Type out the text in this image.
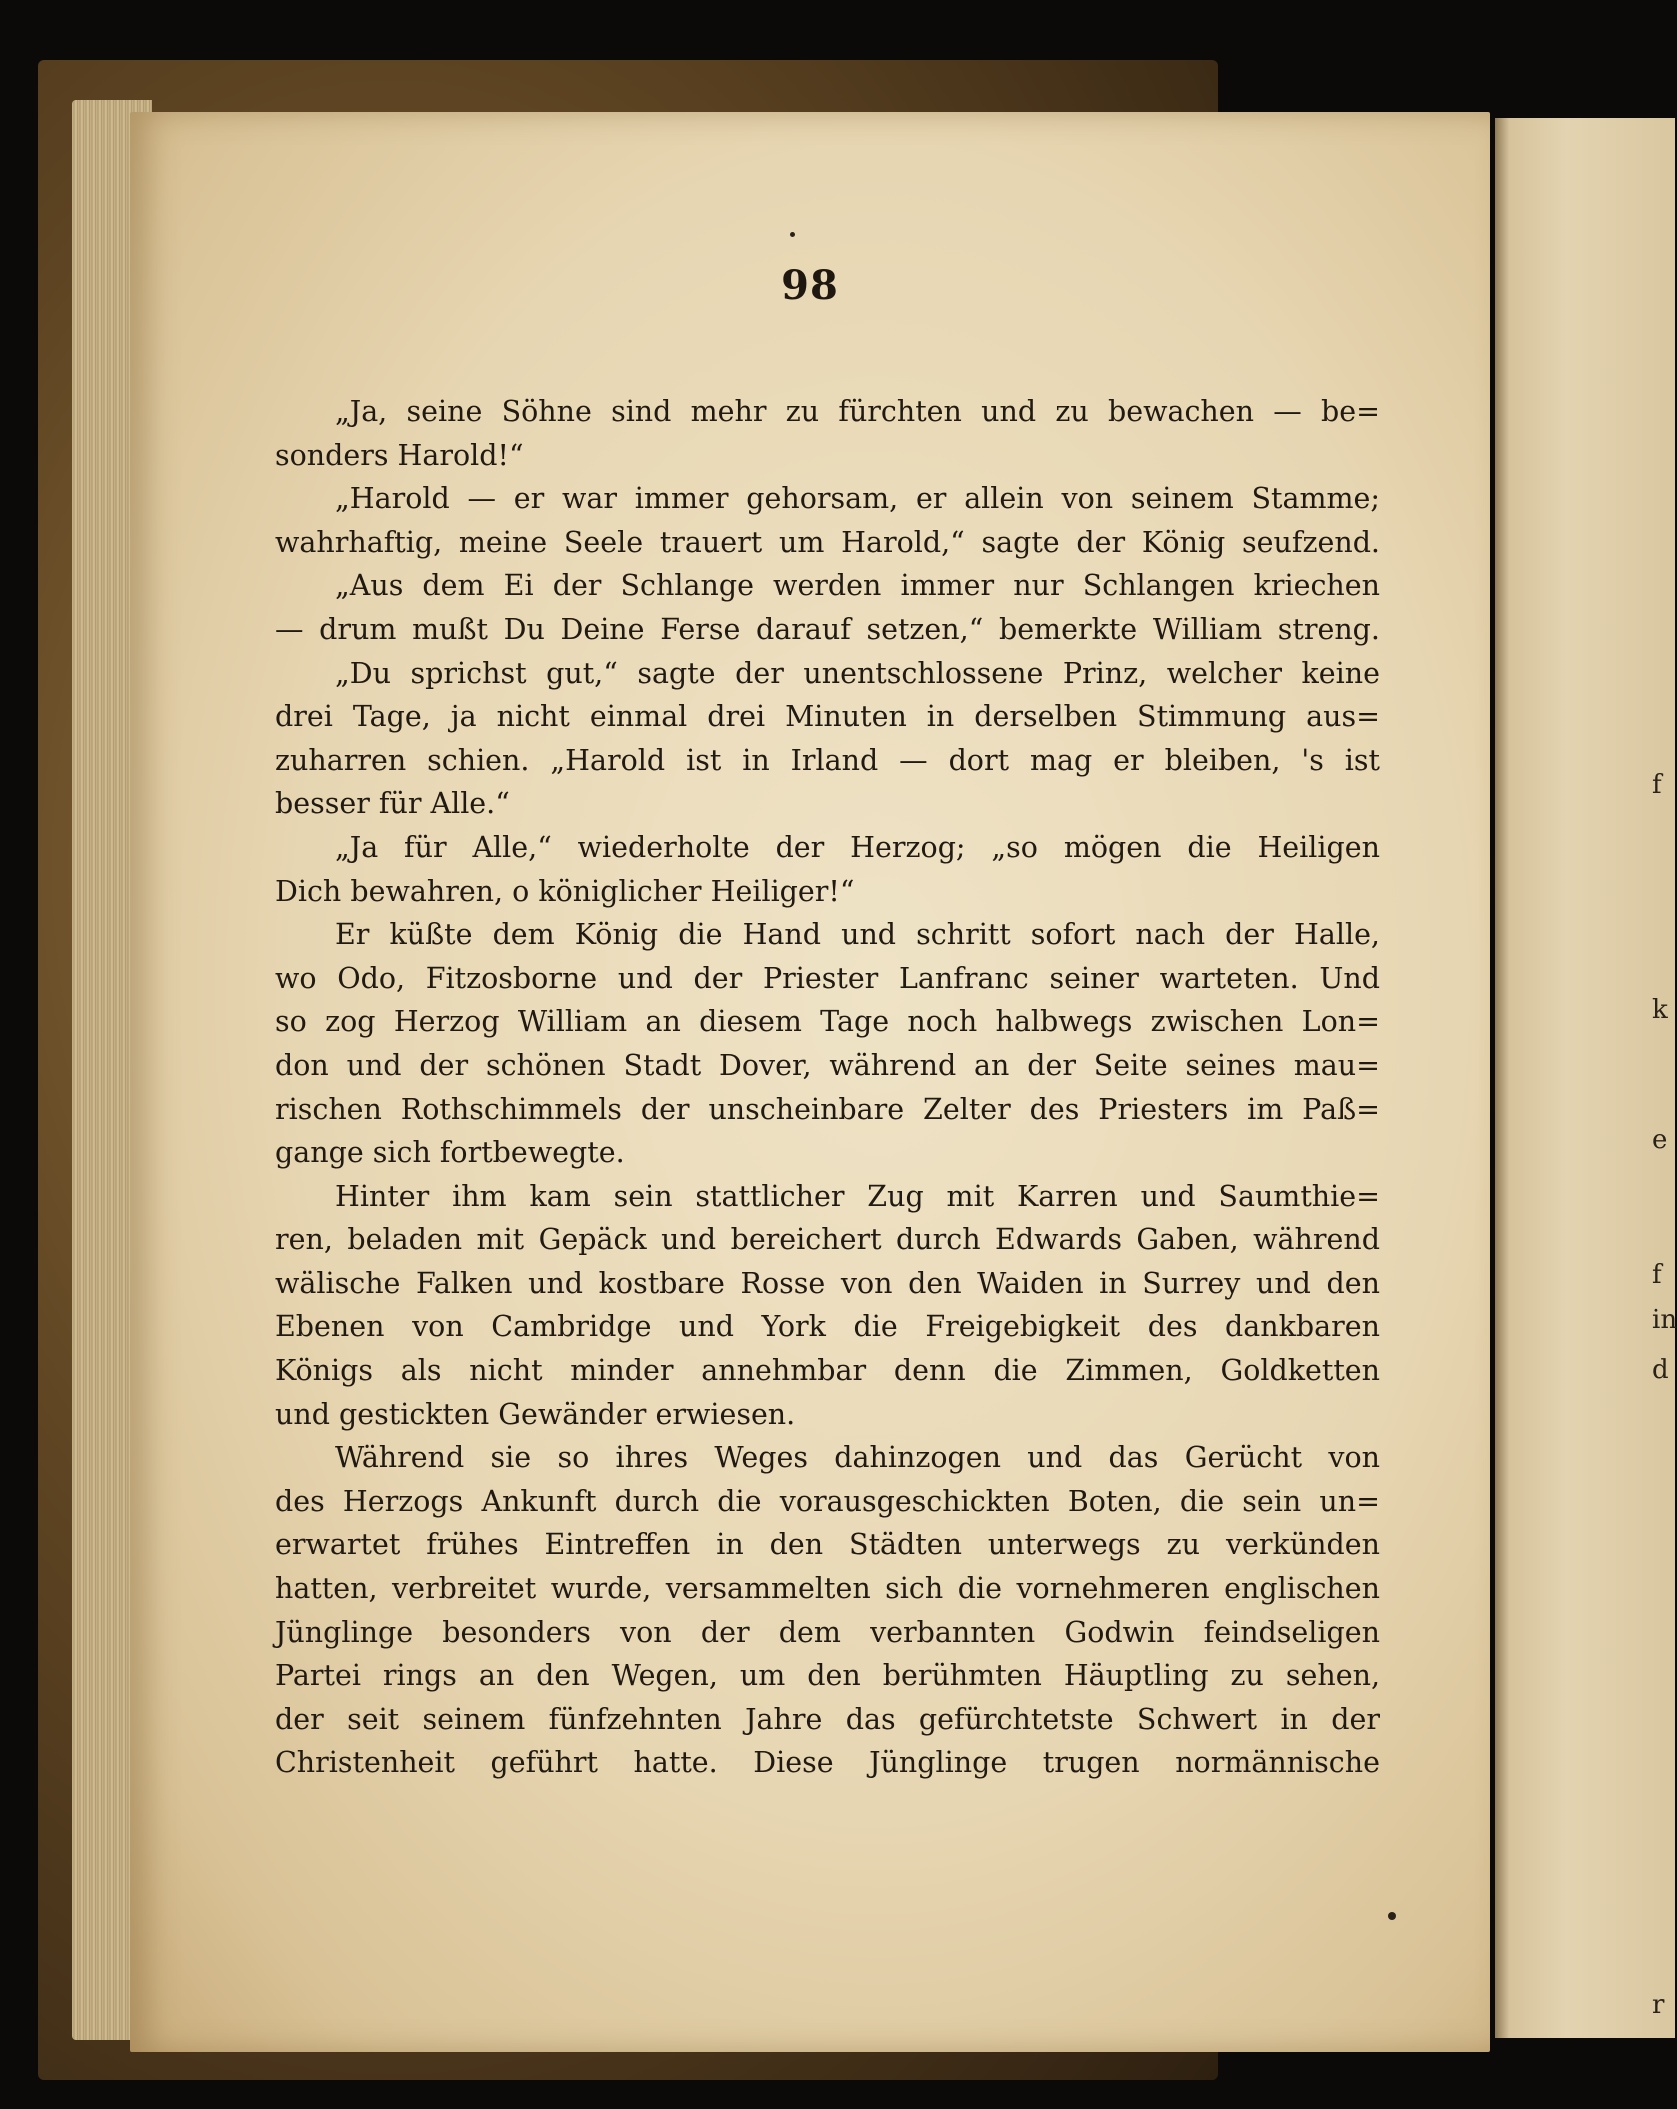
f
k
e
f
in
d
r
98
„Ja, seine Söhne sind mehr zu fürchten und zu bewachen — be=
sonders Harold!“
„Harold — er war immer gehorsam, er allein von seinem Stamme;
wahrhaftig, meine Seele trauert um Harold,“ sagte der König seufzend.
„Aus dem Ei der Schlange werden immer nur Schlangen kriechen
— drum mußt Du Deine Ferse darauf setzen,“ bemerkte William streng.
„Du sprichst gut,“ sagte der unentschlossene Prinz, welcher keine
drei Tage, ja nicht einmal drei Minuten in derselben Stimmung aus=
zuharren schien. „Harold ist in Irland — dort mag er bleiben, 's ist
besser für Alle.“
„Ja für Alle,“ wiederholte der Herzog; „so mögen die Heiligen
Dich bewahren, o königlicher Heiliger!“
Er küßte dem König die Hand und schritt sofort nach der Halle,
wo Odo, Fitzosborne und der Priester Lanfranc seiner warteten. Und
so zog Herzog William an diesem Tage noch halbwegs zwischen Lon=
don und der schönen Stadt Dover, während an der Seite seines mau=
rischen Rothschimmels der unscheinbare Zelter des Priesters im Paß=
gange sich fortbewegte.
Hinter ihm kam sein stattlicher Zug mit Karren und Saumthie=
ren, beladen mit Gepäck und bereichert durch Edwards Gaben, während
wälische Falken und kostbare Rosse von den Waiden in Surrey und den
Ebenen von Cambridge und York die Freigebigkeit des dankbaren
Königs als nicht minder annehmbar denn die Zimmen, Goldketten
und gestickten Gewänder erwiesen.
Während sie so ihres Weges dahinzogen und das Gerücht von
des Herzogs Ankunft durch die vorausgeschickten Boten, die sein un=
erwartet frühes Eintreffen in den Städten unterwegs zu verkünden
hatten, verbreitet wurde, versammelten sich die vornehmeren englischen
Jünglinge besonders von der dem verbannten Godwin feindseligen
Partei rings an den Wegen, um den berühmten Häuptling zu sehen,
der seit seinem fünfzehnten Jahre das gefürchtetste Schwert in der
Christenheit geführt hatte. Diese Jünglinge trugen normännische
